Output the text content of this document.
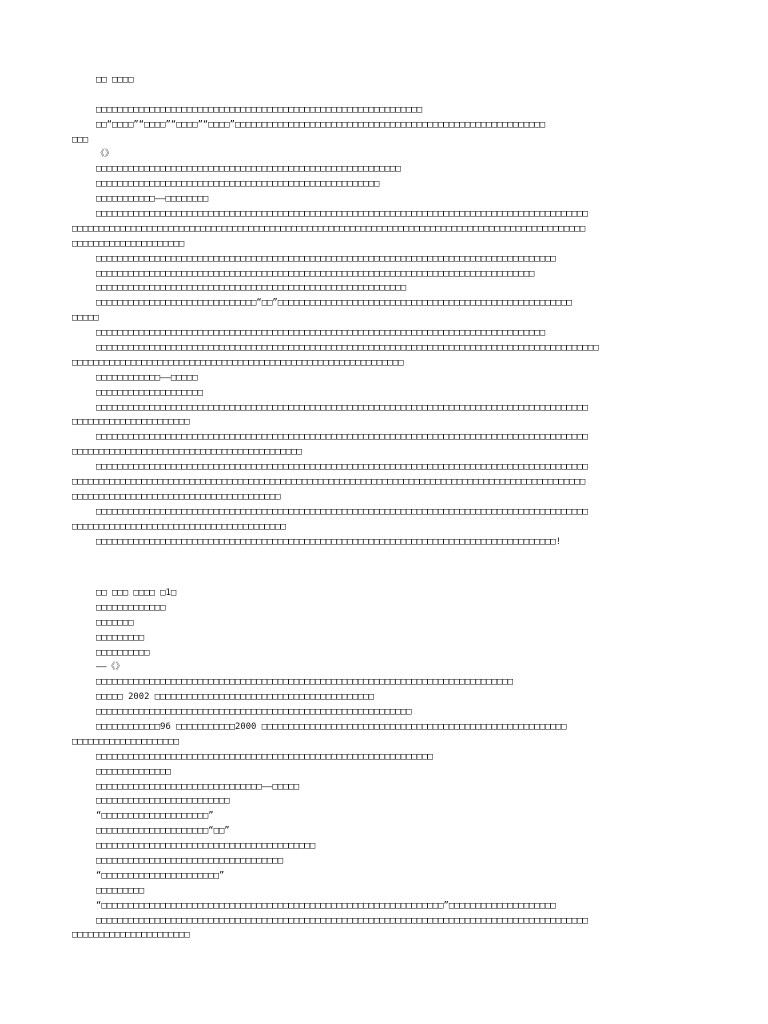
□□ □□□□
□□□□□□□□□□□□□□□□□□□□□□□□□□□□□□□□□□□□□□□□□□□□□□□□□□□□□□□□□□□□□
□□“□□□□”“□□□□”“□□□□”“□□□□”□□□□□□□□□□□□□□□□□□□□□□□□□□□□□□□□□□□□□□□□□□□□□□□□□□□□□□□□□□
□□□
《》
□□□□□□□□□□□□□□□□□□□□□□□□□□□□□□□□□□□□□□□□□□□□□□□□□□□□□□□□□
□□□□□□□□□□□□□□□□□□□□□□□□□□□□□□□□□□□□□□□□□□□□□□□□□□□□□
□□□□□□□□□□□——□□□□□□□□
□□□□□□□□□□□□□□□□□□□□□□□□□□□□□□□□□□□□□□□□□□□□□□□□□□□□□□□□□□□□□□□□□□□□□□□□□□□□□□□□□□□□□□□□□□□□
□□□□□□□□□□□□□□□□□□□□□□□□□□□□□□□□□□□□□□□□□□□□□□□□□□□□□□□□□□□□□□□□□□□□□□□□□□□□□□□□□□□□□□□□□□□□□□□□
□□□□□□□□□□□□□□□□□□□□□
□□□□□□□□□□□□□□□□□□□□□□□□□□□□□□□□□□□□□□□□□□□□□□□□□□□□□□□□□□□□□□□□□□□□□□□□□□□□□□□□□□□□□□
□□□□□□□□□□□□□□□□□□□□□□□□□□□□□□□□□□□□□□□□□□□□□□□□□□□□□□□□□□□□□□□□□□□□□□□□□□□□□□□□□□
□□□□□□□□□□□□□□□□□□□□□□□□□□□□□□□□□□□□□□□□□□□□□□□□□□□□□□□□□□
□□□□□□□□□□□□□□□□□□□□□□□□□□□□□□“□□”□□□□□□□□□□□□□□□□□□□□□□□□□□□□□□□□□□□□□□□□□□□□□□□□□□□□□□□
□□□□□
□□□□□□□□□□□□□□□□□□□□□□□□□□□□□□□□□□□□□□□□□□□□□□□□□□□□□□□□□□□□□□□□□□□□□□□□□□□□□□□□□□□□
□□□□□□□□□□□□□□□□□□□□□□□□□□□□□□□□□□□□□□□□□□□□□□□□□□□□□□□□□□□□□□□□□□□□□□□□□□□□□□□□□□□□□□□□□□□□□□
□□□□□□□□□□□□□□□□□□□□□□□□□□□□□□□□□□□□□□□□□□□□□□□□□□□□□□□□□□□□□□
□□□□□□□□□□□□——□□□□□
□□□□□□□□□□□□□□□□□□□□
□□□□□□□□□□□□□□□□□□□□□□□□□□□□□□□□□□□□□□□□□□□□□□□□□□□□□□□□□□□□□□□□□□□□□□□□□□□□□□□□□□□□□□□□□□□□
□□□□□□□□□□□□□□□□□□□□□□
□□□□□□□□□□□□□□□□□□□□□□□□□□□□□□□□□□□□□□□□□□□□□□□□□□□□□□□□□□□□□□□□□□□□□□□□□□□□□□□□□□□□□□□□□□□□
□□□□□□□□□□□□□□□□□□□□□□□□□□□□□□□□□□□□□□□□□□□
□□□□□□□□□□□□□□□□□□□□□□□□□□□□□□□□□□□□□□□□□□□□□□□□□□□□□□□□□□□□□□□□□□□□□□□□□□□□□□□□□□□□□□□□□□□□
□□□□□□□□□□□□□□□□□□□□□□□□□□□□□□□□□□□□□□□□□□□□□□□□□□□□□□□□□□□□□□□□□□□□□□□□□□□□□□□□□□□□□□□□□□□□□□□□
□□□□□□□□□□□□□□□□□□□□□□□□□□□□□□□□□□□□□□□
□□□□□□□□□□□□□□□□□□□□□□□□□□□□□□□□□□□□□□□□□□□□□□□□□□□□□□□□□□□□□□□□□□□□□□□□□□□□□□□□□□□□□□□□□□□□
□□□□□□□□□□□□□□□□□□□□□□□□□□□□□□□□□□□□□□□□
□□□□□□□□□□□□□□□□□□□□□□□□□□□□□□□□□□□□□□□□□□□□□□□□□□□□□□□□□□□□□□□□□□□□□□□□□□□□□□□□□□□□□□!
□□ □□□ □□□□ □1□
□□□□□□□□□□□□□
□□□□□□□
□□□□□□□□□
□□□□□□□□□□
——《》
□□□□□□□□□□□□□□□□□□□□□□□□□□□□□□□□□□□□□□□□□□□□□□□□□□□□□□□□□□□□□□□□□□□□□□□□□□□□□□
□□□□□ 2002 □□□□□□□□□□□□□□□□□□□□□□□□□□□□□□□□□□□□□□□□□
□□□□□□□□□□□□□□□□□□□□□□□□□□□□□□□□□□□□□□□□□□□□□□□□□□□□□□□□□□□
□□□□□□□□□□□□96 □□□□□□□□□□□2000 □□□□□□□□□□□□□□□□□□□□□□□□□□□□□□□□□□□□□□□□□□□□□□□□□□□□□□□□□
□□□□□□□□□□□□□□□□□□□□
□□□□□□□□□□□□□□□□□□□□□□□□□□□□□□□□□□□□□□□□□□□□□□□□□□□□□□□□□□□□□□□
□□□□□□□□□□□□□□
□□□□□□□□□□□□□□□□□□□□□□□□□□□□□□□——□□□□□
□□□□□□□□□□□□□□□□□□□□□□□□□
“□□□□□□□□□□□□□□□□□□□□”
□□□□□□□□□□□□□□□□□□□□□“□□”
□□□□□□□□□□□□□□□□□□□□□□□□□□□□□□□□□□□□□□□□□
□□□□□□□□□□□□□□□□□□□□□□□□□□□□□□□□□□□
“□□□□□□□□□□□□□□□□□□□□□□”
□□□□□□□□□
“□□□□□□□□□□□□□□□□□□□□□□□□□□□□□□□□□□□□□□□□□□□□□□□□□□□□□□□□□□□□□□□□”□□□□□□□□□□□□□□□□□□□□
□□□□□□□□□□□□□□□□□□□□□□□□□□□□□□□□□□□□□□□□□□□□□□□□□□□□□□□□□□□□□□□□□□□□□□□□□□□□□□□□□□□□□□□□□□□□
□□□□□□□□□□□□□□□□□□□□□□
